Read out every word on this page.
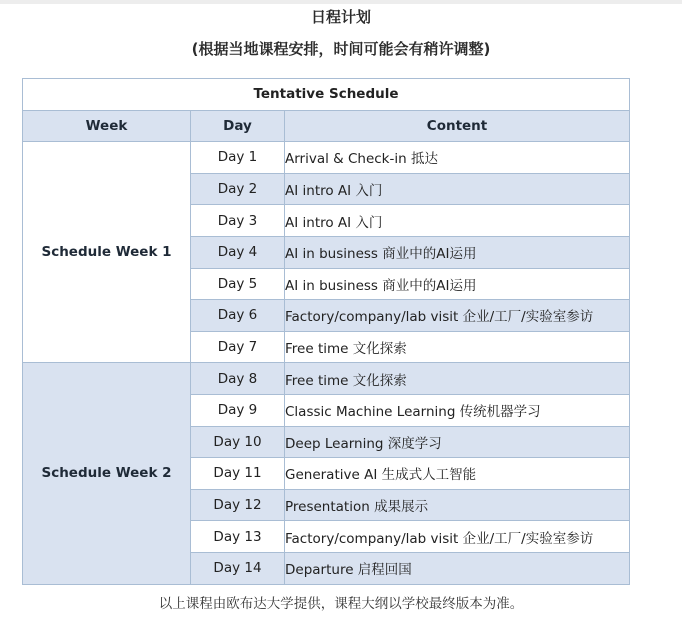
日程计划
(根据当地课程安排，时间可能会有稍许调整)
Tentative Schedule		
Week	Day	Content
Schedule Week 1	Day 1	Arrival & Check-in 抵达
	Day 2	AI intro AI 入门
	Day 3	AI intro AI 入门
	Day 4	AI in business 商业中的AI运用
	Day 5	AI in business 商业中的AI运用
	Day 6	Factory/company/lab visit 企业/工厂/实验室参访
	Day 7	Free time 文化探索
Schedule Week 2	Day 8	Free time 文化探索
	Day 9	Classic Machine Learning 传统机器学习
	Day 10	Deep Learning 深度学习
	Day 11	Generative AI 生成式人工智能
	Day 12	Presentation 成果展示
	Day 13	Factory/company/lab visit 企业/工厂/实验室参访
	Day 14	Departure 启程回国
以上课程由欧布达大学提供，课程大纲以学校最终版本为准。
